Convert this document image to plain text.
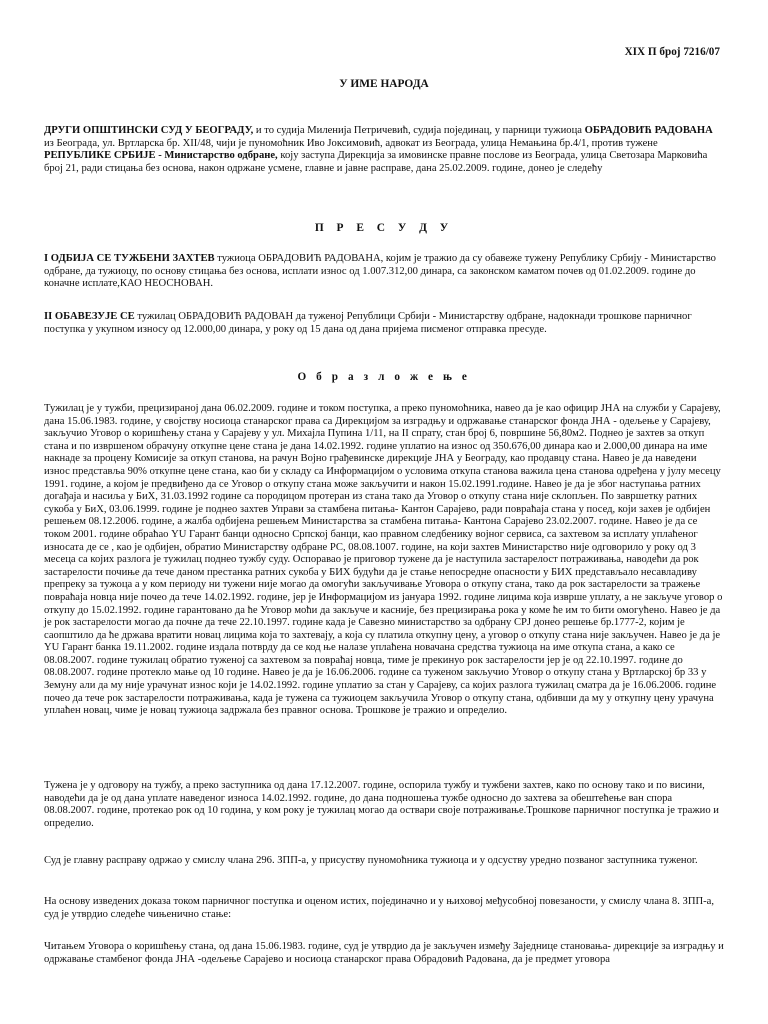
XIX П број 7216/07
У ИМЕ НАРОДА

ДРУГИ ОПШТИНСКИ СУД У БЕОГРАДУ, и то судија Миленија Петричевић, судија појединац, у парници тужиоца ОБРАДОВИЋ РАДОВАНА из Београда, ул. Вртларска бр. XII/48, чији је пуномоћник Иво Јоксимовић, адвокат из Београда, улица Немањина бр.4/1, против тужене РЕПУБЛИКЕ СРБИЈЕ - Министарство одбране, коју заступа Дирекција за имовинске правне послове из Београда, улица Светозара Марковића број 21, ради стицања без основа, након одржане усмене, главне и јавне расправе, дана 25.02.2009. године, донео је следећу

П Р Е С У Д У

I ОДБИЈА СЕ ТУЖБЕНИ ЗАХТЕВ тужиоца ОБРАДОВИЋ РАДОВАНА, којим је тражио да су обавеже тужену Републику Србију - Министарство одбране, да тужиоцу, по основу стицања без основа, исплати износ од 1.007.312,00 динара, са законском каматом почев од 01.02.2009. године до коначне исплате,КАО НЕОСНОВАН.

II ОБАВЕЗУЈЕ СЕ тужилац ОБРАДОВИЋ РАДОВАН да туженој Републици Србији - Министарству одбране, надокнади трошкове парничног поступка у укупном износу од 12.000,00 динара, у року од 15 дана од дана пријема писменог отправка пресуде.

О б р а з л о ж е њ е

Тужилац је у тужби, прецизираној дана 06.02.2009. године и током поступка, а преко пуномоћника, навео да је као официр ЈНА на служби у Сарајеву, дана 15.06.1983. године, у својству носиоца станарског права са Дирекцијом за изградњу и одржавање станарског фонда ЈНА - одељење у Сарајеву, закључио Уговор о коришћењу стана у Сарајеву у ул. Михајла Пупина 1/11, на II спрату, стан број 6, површине 56,80м2. Поднео је захтев за откуп стана и по извршеном обрачуну откупне цене стана је дана 14.02.1992. године уплатио на износ од 350.676,00 динара као и 2.000,00 динара на име накнаде за процену Комисије за откуп станова, на рачун Војно грађевинске дирекције ЈНА у Београду, као продавцу стана. Навео је да наведени износ представља 90% откупне цене стана, као би у складу са Информацијом о условима откупа станова важила цена станова одређена у јулу месецу 1991. године, а којом је предвиђено да се Уговор о откупу стана може закључити и након 15.02.1991.године. Навео је да је због наступања ратних догађаја и насиља у БиХ, 31.03.1992 године са породицом протеран из стана тако да Уговор о откупу стана није склопљен. По завршетку ратних сукоба у БиХ, 03.06.1999. године је поднео захтев Управи за стамбена питања- Кантон Сарајево, ради повраћаја стана у посед, који захев је одбијен решењем 08.12.2006. године, а жалба одбијена решењем Министарства за стамбена питања- Кантона Сарајево 23.02.2007. године. Навео је да се током 2001. године обраћао YU Гарант банци односно Српској банци, као правном следбенику војног сервиса, са захтевом за исплату уплаћеног износата де се , као је одбијен, обратио Министарству одбране РС, 08.08.1007. године, на који захтев Министарство није одговорило у року од 3 месеца са којих разлога је тужилац поднео тужбу суду. Оспоравао је приговор тужене да је наступила застарелост потраживања, наводећи да рок застарелости почиње да тече даном престанка ратних сукоба у БИХ будући да је стање непосредне опасности у БИХ представљало несавладиву препреку за тужоца а у ком периоду ни тужени није могао да омогући закључивање Уговора о откупу стана, тако да рок застарелости за тражење повраћаја новца није почео да тече 14.02.1992. године, јер је Информацијом из јануара 1992. године лицима која изврше уплату, а не закључе уговор о откупу до 15.02.1992. године гарантовано да ће Уговор моћи да закључе и касније, без прецизирања рока у коме ће им то бити омогућено. Навео је да је рок застарелости могао да почне да тече 22.10.1997. године када је Савезно министарство за одбрану СРЈ донео решење бр.1777-2, којим је саопштило да ће држава вратити новац лицима која то захтевају, а која су платила откупну цену, а уговор о откупу стана није закључен. Навео је да је YU Гарант банка 19.11.2002. године издала потврду да се код ње налазе уплаћена новачана средства тужиоца на име откупа стана, а како се 08.08.2007. године тужилац обратио туженој са захтевом за повраћај новца, тиме је прекинуо рок застарелости јер је од 22.10.1997. године до 08.08.2007. године протекло мање од 10 године. Навео је да је 16.06.2006. године са туженом закључио Уговор о откупу стана у Вртларској бр 33 у Земуну али да му није урачунат износ који је 14.02.1992. године уплатио за стан у Сарајеву, са којих разлога тужилац сматра да је 16.06.2006. године почео да тече рок застарелости потраживања, када је тужена са тужиоцем закључила Уговор о откупу стана, одбивши да му у откупну цену урачуна уплаћен новац, чиме је новац тужиоца задржала без правног основа. Трошкове је тражио и определио.

Тужена је у одговору на тужбу, а преко заступника од дана 17.12.2007. године, оспорила тужбу и тужбени захтев, како по основу тако и по висини, наводећи да је од дана уплате наведеног износа 14.02.1992. године, до дана подношења тужбе односно до захтева за обештећење ван спора 08.08.2007. године, протекао рок од 10 година, у ком року је тужилац могао да оствари своје потраживање.Трошкове парничног поступка је тражио и определио.

Суд је главну расправу одржао у смислу члана 296. ЗПП-а, у присуству пуномоћника тужиоца и у одсуству уредно позваног заступника туженог.

На основу изведених доказа током парничног поступка и оценом истих, појединачно и у њиховој међусобној повезаности, у смислу члана 8. ЗПП-а, суд је утврдио следеће чињенично стање:

Читањем Уговора о коришћењу стана, од дана 15.06.1983. године, суд је утврдио да је закључен између Заједнице становања- дирекције за изградњу и одржавање стамбеног фонда ЈНА -одељење Сарајево и носиоца станарског права Обрадовић Радована, да је предмет уговора
